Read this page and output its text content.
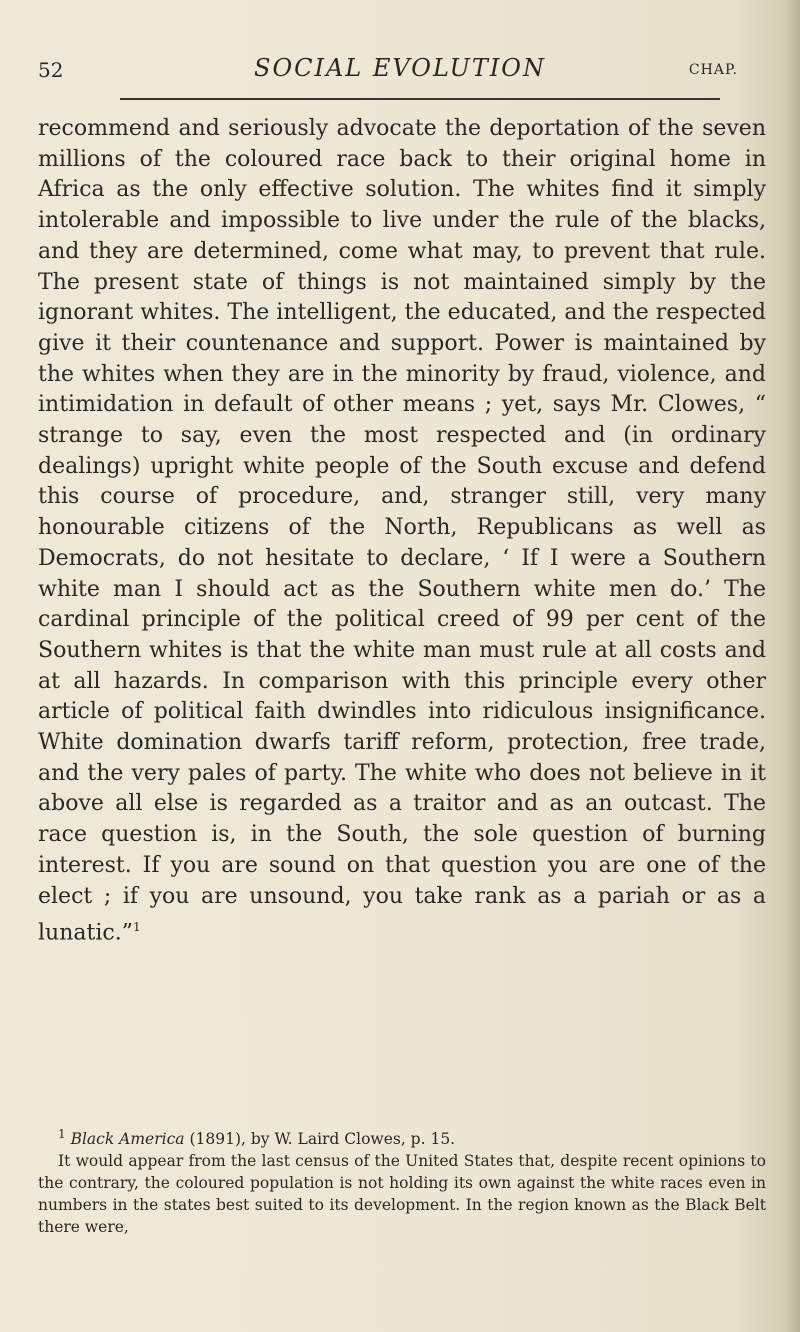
52	SOCIAL EVOLUTION	CHAP.

recommend and seriously advocate the deportation of the seven millions of the coloured race back to their original home in Africa as the only effective solution. The whites find it simply intolerable and impossible to live under the rule of the blacks, and they are determined, come what may, to prevent that rule. The present state of things is not maintained simply by the ignorant whites. The intelligent, the educated, and the respected give it their countenance and support. Power is maintained by the whites when they are in the minority by fraud, violence, and intimidation in default of other means ; yet, says Mr. Clowes, “ strange to say, even the most respected and (in ordinary dealings) upright white people of the South excuse and defend this course of procedure, and, stranger still, very many honourable citizens of the North, Republicans as well as Democrats, do not hesitate to declare, ‘ If I were a Southern white man I should act as the Southern white men do.’ The cardinal principle of the political creed of 99 per cent of the Southern whites is that the white man must rule at all costs and at all hazards. In comparison with this principle every other article of political faith dwindles into ridiculous insignificance. White domination dwarfs tariff reform, protection, free trade, and the very pales of party. The white who does not believe in it above all else is regarded as a traitor and as an outcast. The race question is, in the South, the sole question of burning interest. If you are sound on that question you are one of the elect ; if you are unsound, you take rank as a pariah or as a lunatic.”$^1$

$^1$ Black America (1891), by W. Laird Clowes, p. 15.

It would appear from the last census of the United States that, despite recent opinions to the contrary, the coloured population is not holding its own against the white races even in numbers in the states best suited to its development. In the region known as the Black Belt there were,
